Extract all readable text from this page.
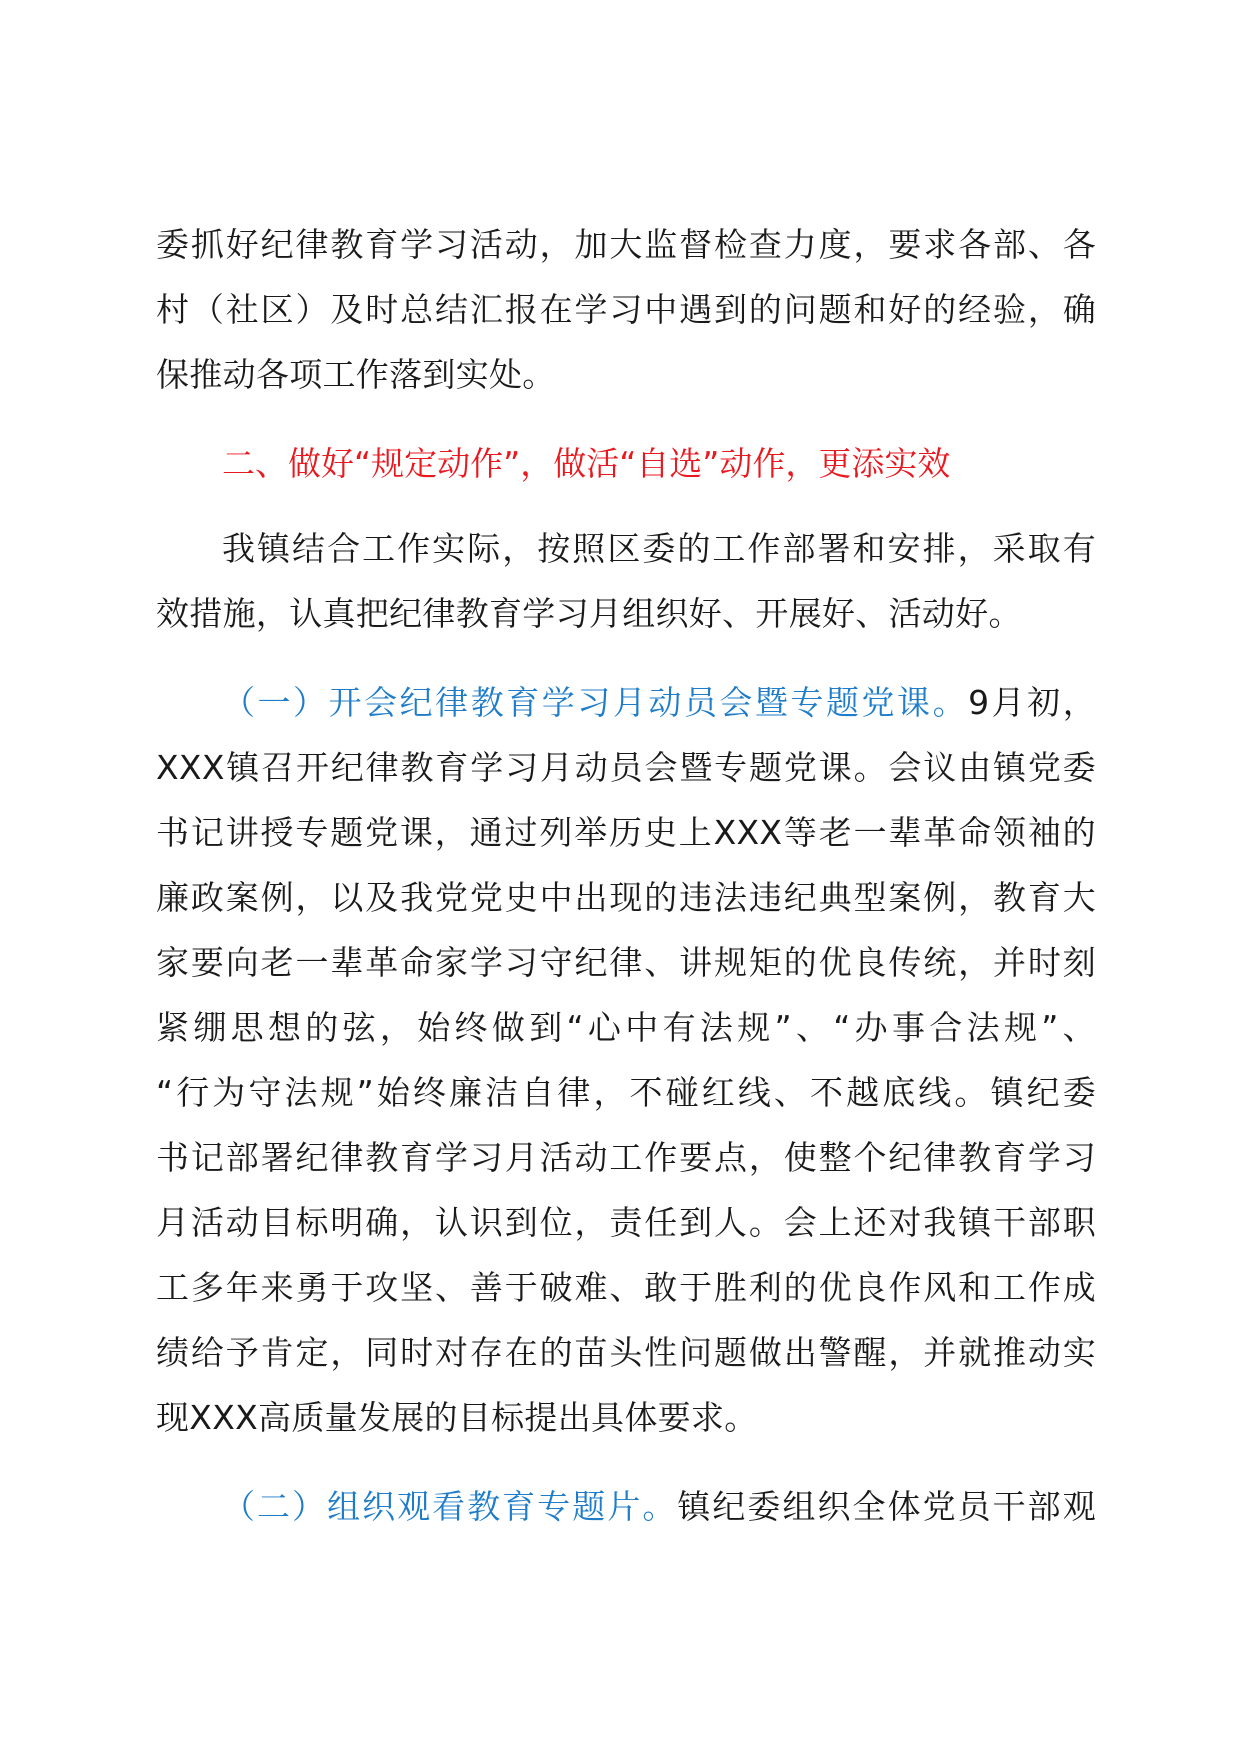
委抓好纪律教育学习活动，加大监督检查力度，要求各部、各
村（社区）及时总结汇报在学习中遇到的问题和好的经验，确
保推动各项工作落到实处。

二、做好“规定动作”，做活“自选”动作，更添实效

我镇结合工作实际，按照区委的工作部署和安排，采取有
效措施，认真把纪律教育学习月组织好、开展好、活动好。

（一）开会纪律教育学习月动员会暨专题党课。9月初，
XXX镇召开纪律教育学习月动员会暨专题党课。会议由镇党委
书记讲授专题党课，通过列举历史上XXX等老一辈革命领袖的
廉政案例，以及我党党史中出现的违法违纪典型案例，教育大
家要向老一辈革命家学习守纪律、讲规矩的优良传统，并时刻
紧绷思想的弦，始终做到“心中有法规”、“办事合法规”、
“行为守法规”始终廉洁自律，不碰红线、不越底线。镇纪委
书记部署纪律教育学习月活动工作要点，使整个纪律教育学习
月活动目标明确，认识到位，责任到人。会上还对我镇干部职
工多年来勇于攻坚、善于破难、敢于胜利的优良作风和工作成
绩给予肯定，同时对存在的苗头性问题做出警醒，并就推动实
现XXX高质量发展的目标提出具体要求。

（二）组织观看教育专题片。镇纪委组织全体党员干部观
